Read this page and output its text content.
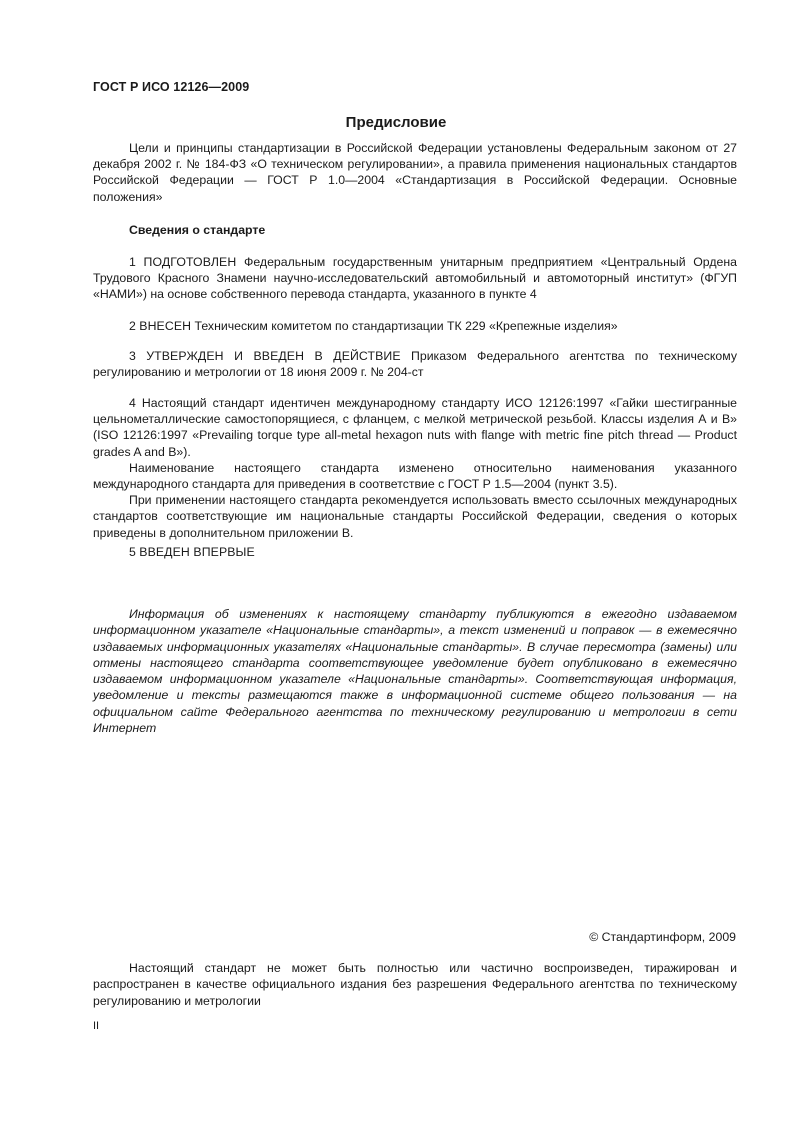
ГОСТ Р ИСО 12126—2009
Предисловие

Цели и принципы стандартизации в Российской Федерации установлены Федеральным законом от 27 декабря 2002 г. № 184-ФЗ «О техническом регулировании», а правила применения национальных стандартов Российской Федерации — ГОСТ Р 1.0—2004 «Стандартизация в Российской Федерации. Основные положения»

Сведения о стандарте

1 ПОДГОТОВЛЕН Федеральным государственным унитарным предприятием «Центральный Ордена Трудового Красного Знамени научно-исследовательский автомобильный и автомоторный институт» (ФГУП «НАМИ») на основе собственного перевода стандарта, указанного в пункте 4

2 ВНЕСЕН Техническим комитетом по стандартизации ТК 229 «Крепежные изделия»

3 УТВЕРЖДЕН И ВВЕДЕН В ДЕЙСТВИЕ Приказом Федерального агентства по техническому регулированию и метрологии от 18 июня 2009 г. № 204-ст

4 Настоящий стандарт идентичен международному стандарту ИСО 12126:1997 «Гайки шестигранные цельнометаллические самостопорящиеся, с фланцем, с мелкой метрической резьбой. Классы изделия А и В» (ISO 12126:1997 «Prevailing torque type all-metal hexagon nuts with flange with metric fine pitch thread — Product grades A and B»).

Наименование настоящего стандарта изменено относительно наименования указанного международного стандарта для приведения в соответствие с ГОСТ Р 1.5—2004 (пункт 3.5).

При применении настоящего стандарта рекомендуется использовать вместо ссылочных международных стандартов соответствующие им национальные стандарты Российской Федерации, сведения о которых приведены в дополнительном приложении В.

5 ВВЕДЕН ВПЕРВЫЕ

Информация об изменениях к настоящему стандарту публикуются в ежегодно издаваемом информационном указателе «Национальные стандарты», а текст изменений и поправок — в ежемесячно издаваемых информационных указателях «Национальные стандарты». В случае пересмотра (замены) или отмены настоящего стандарта соответствующее уведомление будет опубликовано в ежемесячно издаваемом информационном указателе «Национальные стандарты». Соответствующая информация, уведомление и тексты размещаются также в информационной системе общего пользования — на официальном сайте Федерального агентства по техническому регулированию и метрологии в сети Интернет

© Стандартинформ, 2009

Настоящий стандарт не может быть полностью или частично воспроизведен, тиражирован и распространен в качестве официального издания без разрешения Федерального агентства по техническому регулированию и метрологии

II
